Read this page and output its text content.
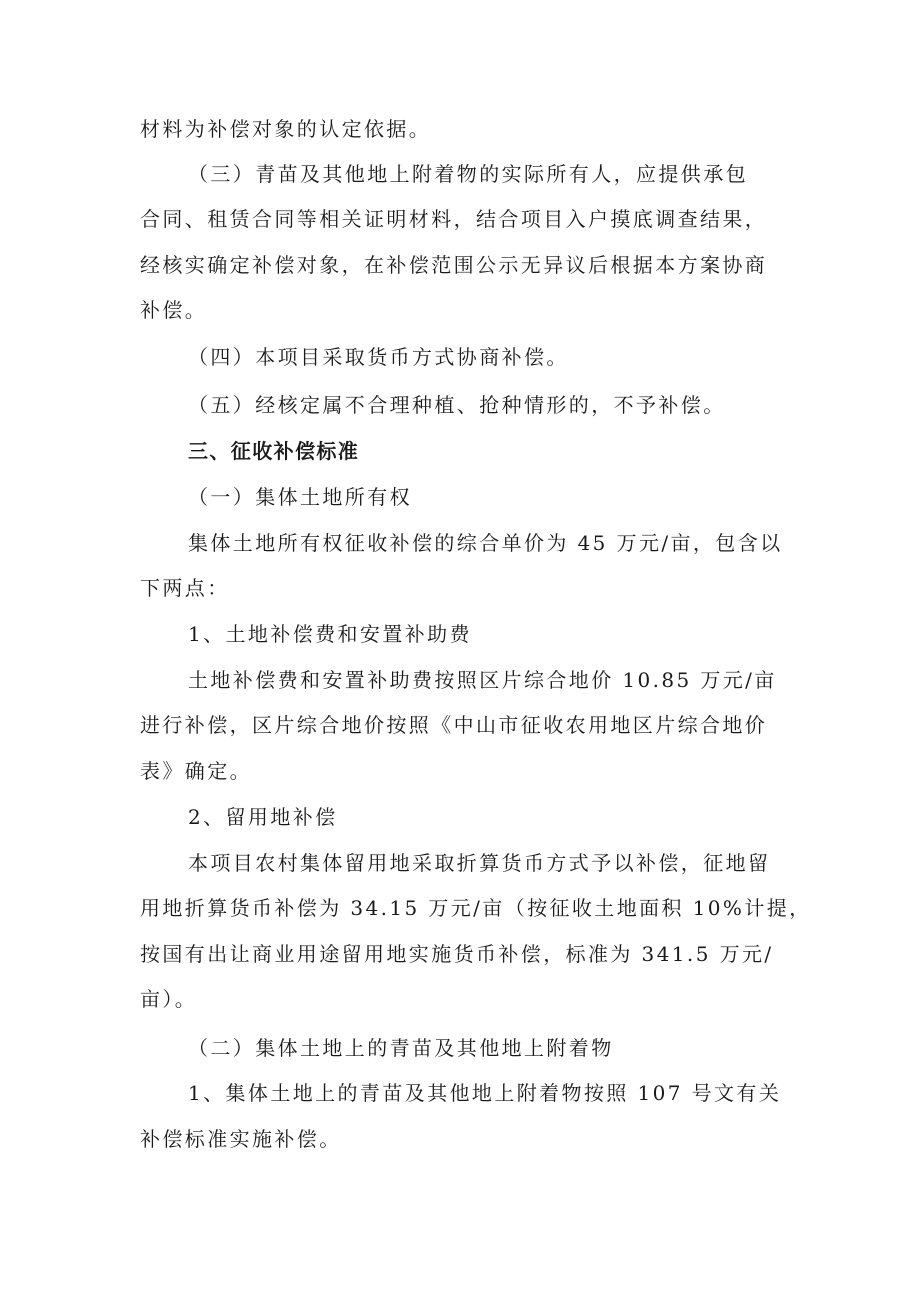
材料为补偿对象的认定依据。
（三）青苗及其他地上附着物的实际所有人，应提供承包
合同、租赁合同等相关证明材料，结合项目入户摸底调查结果，
经核实确定补偿对象，在补偿范围公示无异议后根据本方案协商
补偿。
（四）本项目采取货币方式协商补偿。
（五）经核定属不合理种植、抢种情形的，不予补偿。
三、征收补偿标准
（一）集体土地所有权
集体土地所有权征收补偿的综合单价为 45 万元/亩，包含以
下两点：
1、土地补偿费和安置补助费
土地补偿费和安置补助费按照区片综合地价 10.85 万元/亩
进行补偿，区片综合地价按照《中山市征收农用地区片综合地价
表》确定。
2、留用地补偿
本项目农村集体留用地采取折算货币方式予以补偿，征地留
用地折算货币补偿为 34.15 万元/亩（按征收土地面积 10%计提，
按国有出让商业用途留用地实施货币补偿，标准为 341.5 万元/
亩）。
（二）集体土地上的青苗及其他地上附着物
1、集体土地上的青苗及其他地上附着物按照 107 号文有关
补偿标准实施补偿。
